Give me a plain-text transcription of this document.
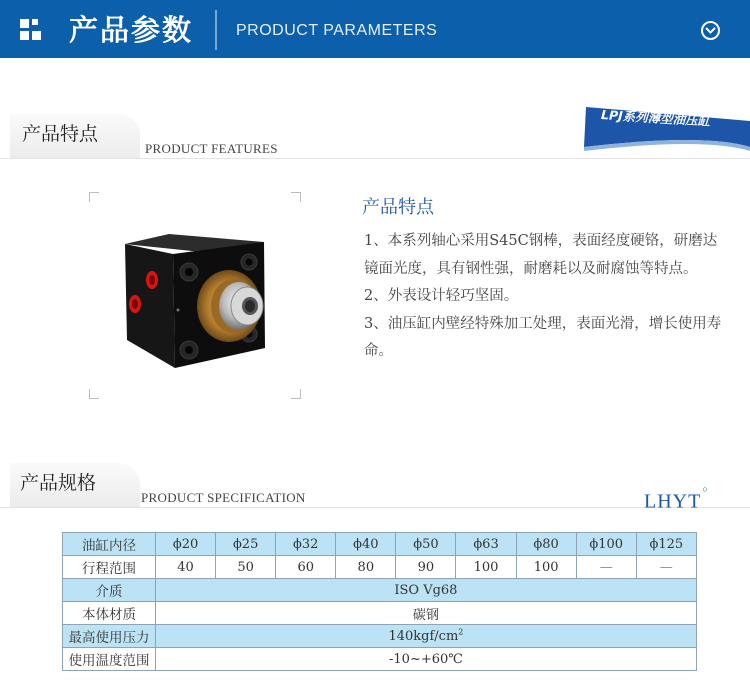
产品参数	PRODUCT PARAMETERS
产品特点
PRODUCT FEATURES
LPJ系列薄型油压缸
产品特点

1、本系列轴心采用S45C钢棒，表面经度硬铬，研磨达镜面光度，具有钢性强，耐磨耗以及耐腐蚀等特点。

2、外表设计轻巧坚固。

3、油压缸内壁经特殊加工处理，表面光滑，增长使用寿命。

产品规格
PRODUCT SPECIFICATION	LHYT○
油缸内径	ϕ20	ϕ25	ϕ32	ϕ40	ϕ50	ϕ63	ϕ80	ϕ100	ϕ125
行程范围	40	50	60	80	90	100	100	—	—
介质	ISO Vg68								
本体材质	碳钢								
最高使用压力	$140kgf/cm^2$
使用温度范围	-10~+60℃								
